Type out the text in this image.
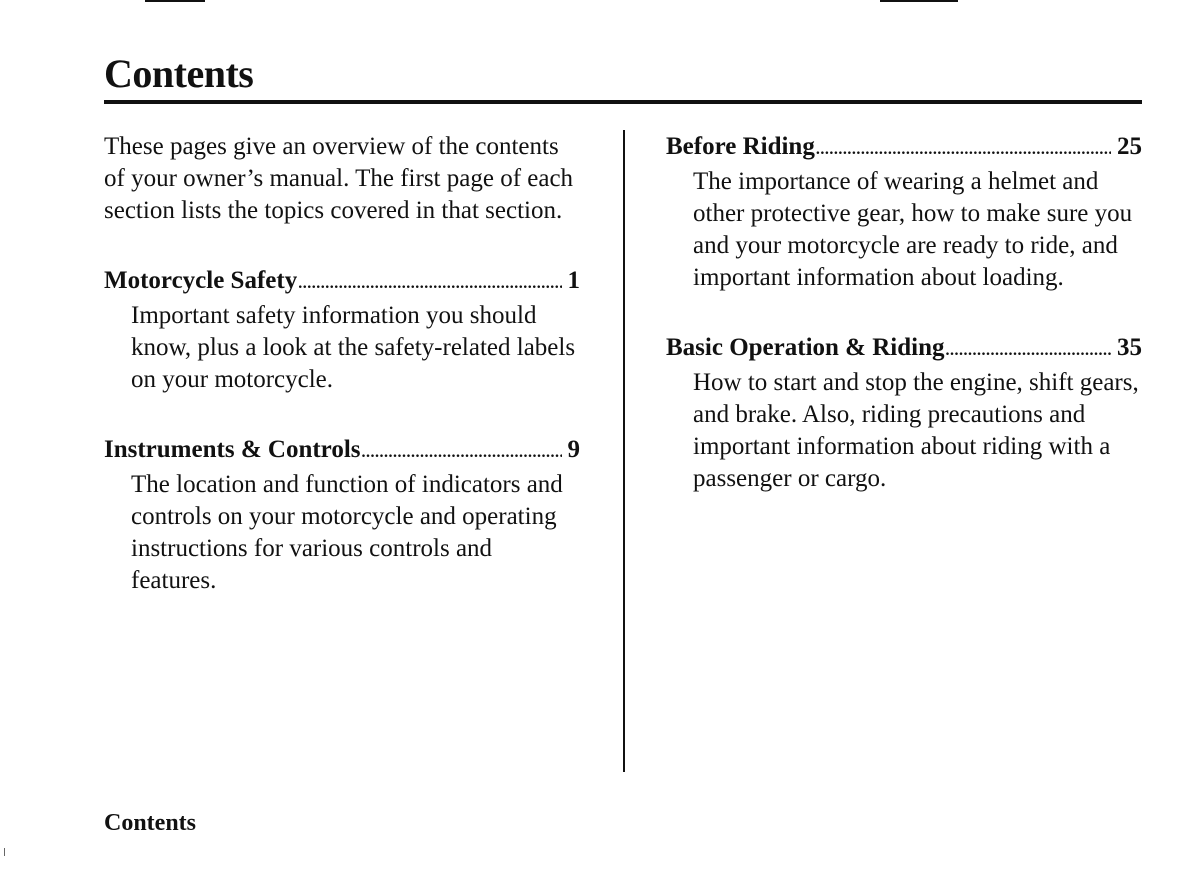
Contents

These pages give an overview of the contents of your owner’s manual. The first page of each section lists the topics covered in that section.

Motorcycle Safety .....	1

Important safety information you should know, plus a look at the safety-related labels on your motorcycle.

Instruments & Controls .....	9

The location and function of indicators and controls on your motorcycle and operating instructions for various controls and features.

Before Riding .....	25

The importance of wearing a helmet and other protective gear, how to make sure you and your motorcycle are ready to ride, and important information about loading.

Basic Operation & Riding .....	35

How to start and stop the engine, shift gears, and brake. Also, riding precautions and important information about riding with a passenger or cargo.

Contents
